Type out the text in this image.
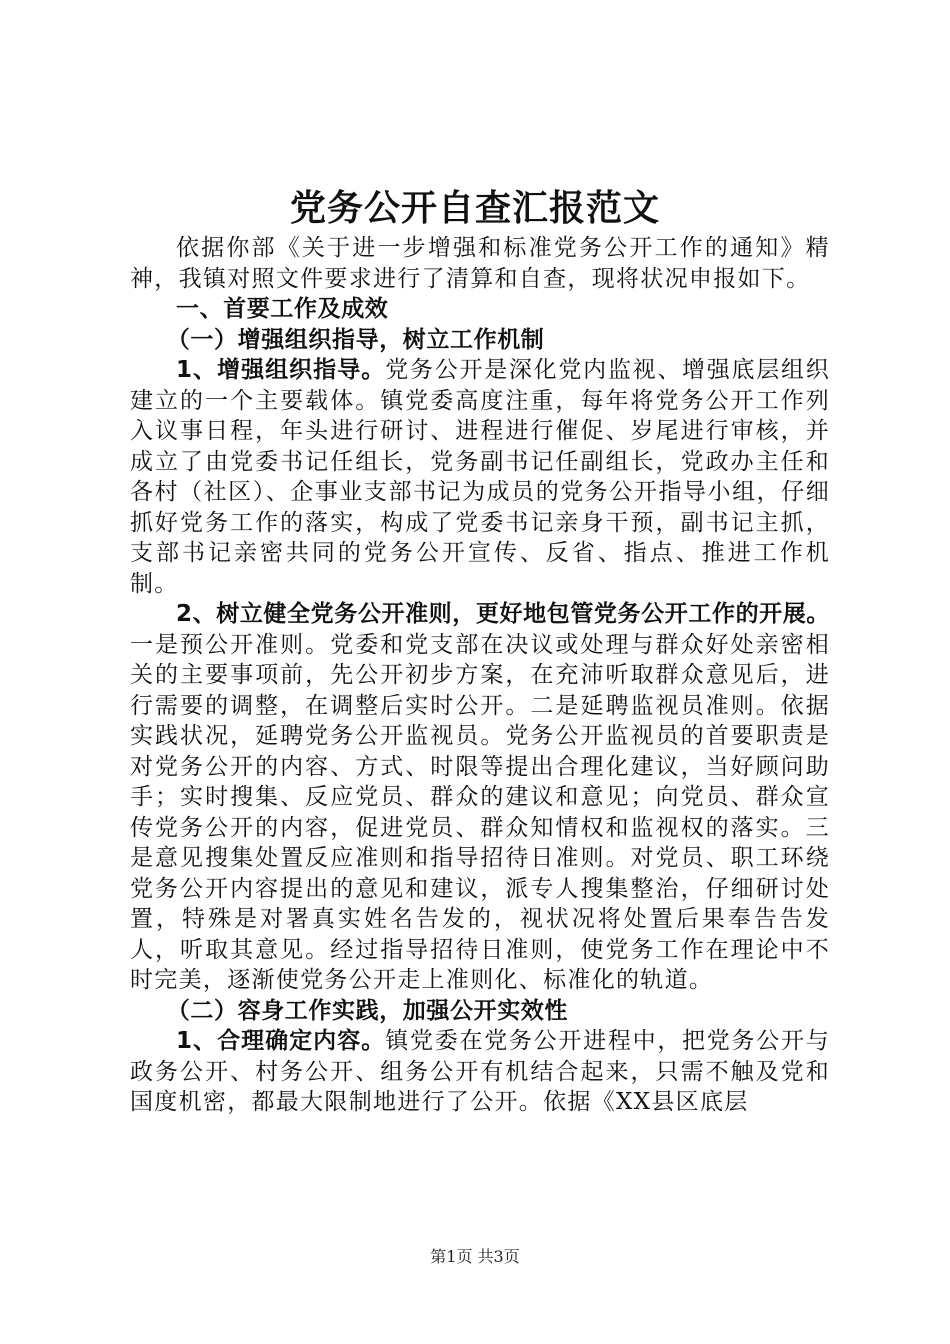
党务公开自查汇报范文

依据你部《关于进一步增强和标准党务公开工作的通知》精神，我镇对照文件要求进行了清算和自查，现将状况申报如下。

一、首要工作及成效

（一）增强组织指导，树立工作机制

1、增强组织指导。党务公开是深化党内监视、增强底层组织建立的一个主要载体。镇党委高度注重，每年将党务公开工作列入议事日程，年头进行研讨、进程进行催促、岁尾进行审核，并成立了由党委书记任组长，党务副书记任副组长，党政办主任和各村（社区）、企事业支部书记为成员的党务公开指导小组，仔细抓好党务工作的落实，构成了党委书记亲身干预，副书记主抓，支部书记亲密共同的党务公开宣传、反省、指点、推进工作机制。

2、树立健全党务公开准则，更好地包管党务公开工作的开展。一是预公开准则。党委和党支部在决议或处理与群众好处亲密相关的主要事项前，先公开初步方案，在充沛听取群众意见后，进行需要的调整，在调整后实时公开。二是延聘监视员准则。依据实践状况，延聘党务公开监视员。党务公开监视员的首要职责是对党务公开的内容、方式、时限等提出合理化建议，当好顾问助手；实时搜集、反应党员、群众的建议和意见；向党员、群众宣传党务公开的内容，促进党员、群众知情权和监视权的落实。三是意见搜集处置反应准则和指导招待日准则。对党员、职工环绕党务公开内容提出的意见和建议，派专人搜集整治，仔细研讨处置，特殊是对署真实姓名告发的，视状况将处置后果奉告告发人，听取其意见。经过指导招待日准则，使党务工作在理论中不时完美，逐渐使党务公开走上准则化、标准化的轨道。

（二）容身工作实践，加强公开实效性

1、合理确定内容。镇党委在党务公开进程中，把党务公开与政务公开、村务公开、组务公开有机结合起来，只需不触及党和国度机密，都最大限制地进行了公开。依据《XX县区底层

第1页 共3页
